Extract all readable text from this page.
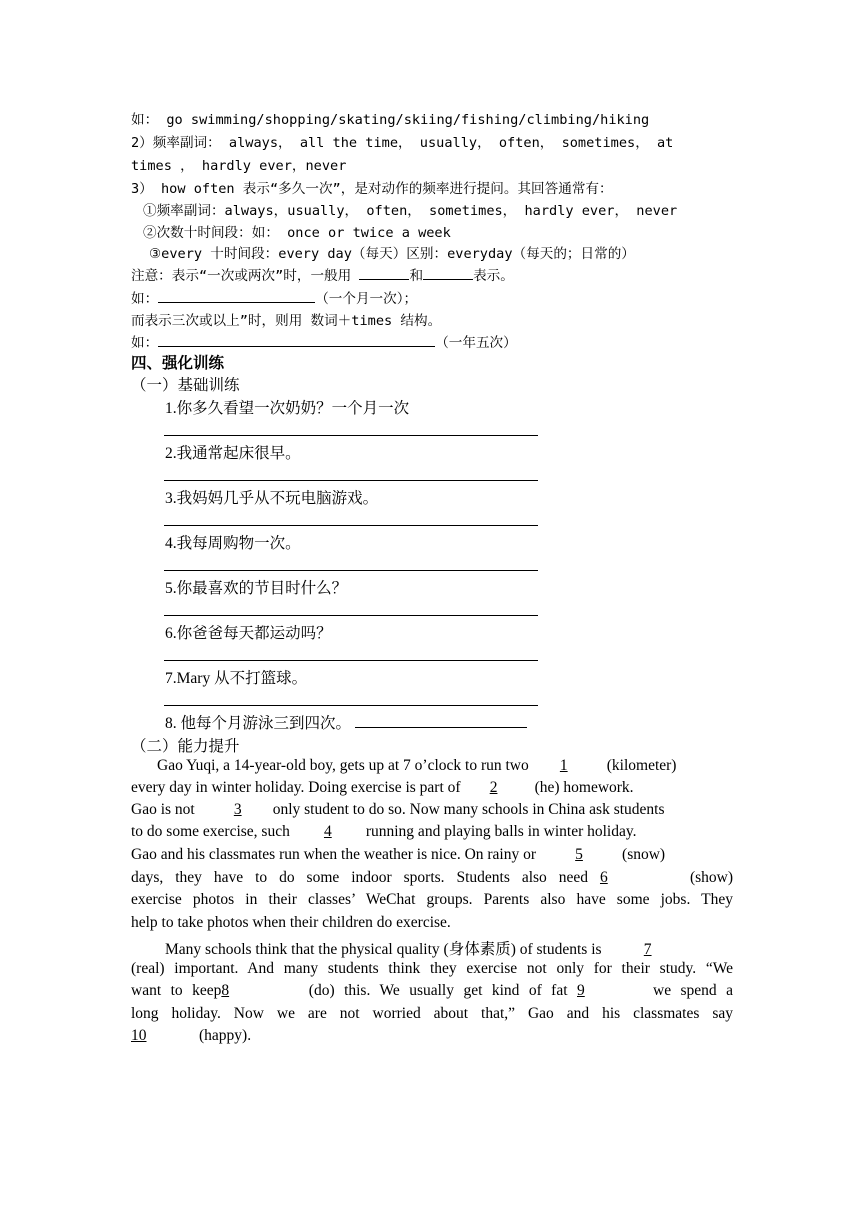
如： go swimming/shopping/skating/skiing/fishing/climbing/hiking
2）频率副词： always， all the time， usually， often， sometimes， at
times ， hardly ever，never
3） how often 表示“多久一次”，是对动作的频率进行提问。其回答通常有：
①频率副词：always，usually， often， sometimes， hardly ever， never
②次数十时间段：如： once or twice a week
③every 十时间段：every day（每天）区别：everyday（每天的；日常的）
注意：表示“一次或两次”时，一般用	和	表示。
如：	（一个月一次）；
而表示三次或以上”时，则用 数词＋times 结构。
如：	（一年五次）
四、强化训练
（一）基础训练
1.你多久看望一次奶奶？一个月一次
2.我通常起床很早。
3.我妈妈几乎从不玩电脑游戏。
4.我每周购物一次。
5.你最喜欢的节目时什么？
6.你爸爸每天都运动吗？
7.Mary 从不打篮球。
8. 他每个月游泳三到四次。
（二）能力提升
Gao Yuqi, a 14-year-old boy, gets up at 7 o’clock to run two 1	(kilometer)
every day in winter holiday. Doing exercise is part of 2 (he) homework.
Gao is not	3 only student to do so. Now many schools in China ask students
to do some exercise, such 4 running and playing balls in winter holiday.
Gao and his classmates run when the weather is nice. On rainy or	5	(snow)
days, they have to do some indoor sports. Students also need 6	(show)
exercise photos in their classes’ WeChat groups. Parents also have some jobs. They
help to take photos when their children do exercise.
Many schools think that the physical quality (身体素质) of students is	7
(real) important. And many students think they exercise not only for their study. “We
want to keep8	(do) this. We usually get kind of fat 9	we spend a
long holiday. Now we are not worried about that,” Gao and his classmates say
10	(happy).
